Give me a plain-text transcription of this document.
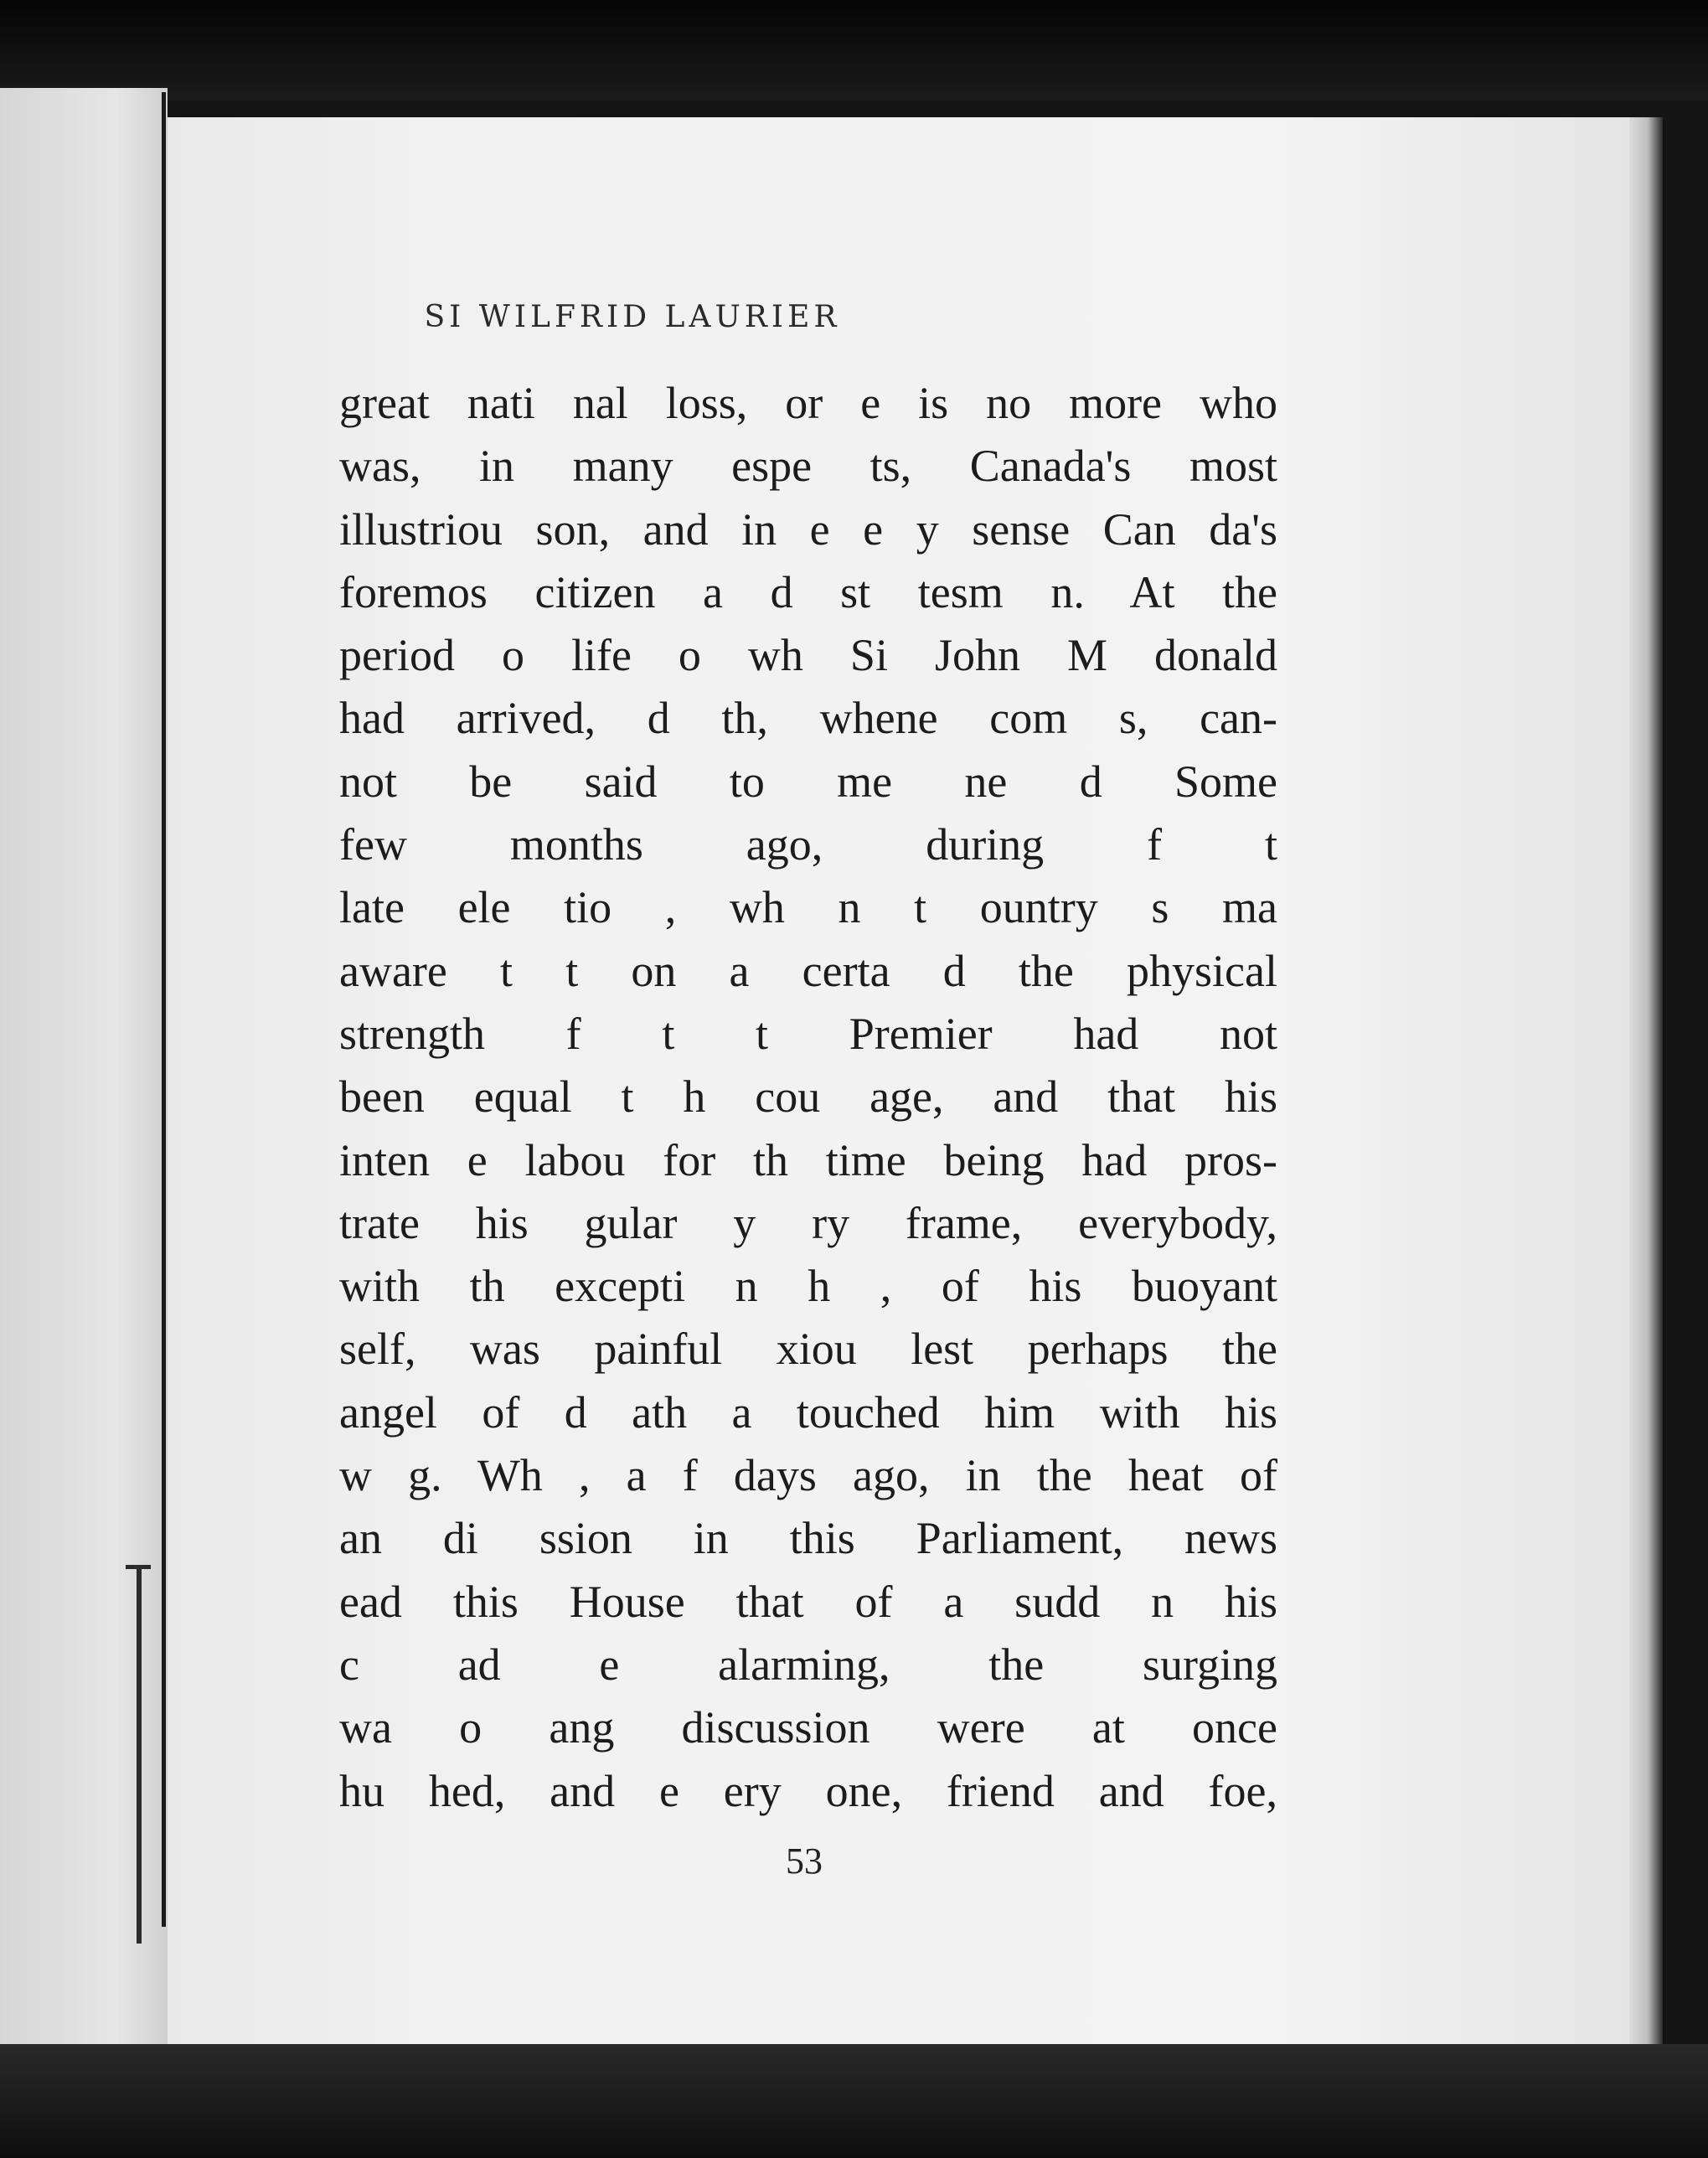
SI WILFRID LAURIER
great nati nal loss, or e is no more who
was, in many espe ts, Canada's most
illustriou son, and in e e y sense Can da's
foremos citizen a d st tesm n. At the
period o life o wh Si John M donald
had arrived, d th, whene com s, can-
not be said to me ne d Some
few months ago, during f t
late ele tio , wh n t ountry s ma
aware t t on a certa d the physical
strength f t t Premier had not
been equal t h cou age, and that his
inten e labou for th time being had pros-
trate his gular y ry frame, everybody,
with th excepti n h , of his buoyant
self, was painful xiou lest perhaps the
angel of d ath a touched him with his
w g. Wh , a f days ago, in the heat of
an di ssion in this Parliament, news
ead this House that of a sudd n his
c ad e alarming, the surging
wa o ang discussion were at once
hu hed, and e ery one, friend and foe,
53
